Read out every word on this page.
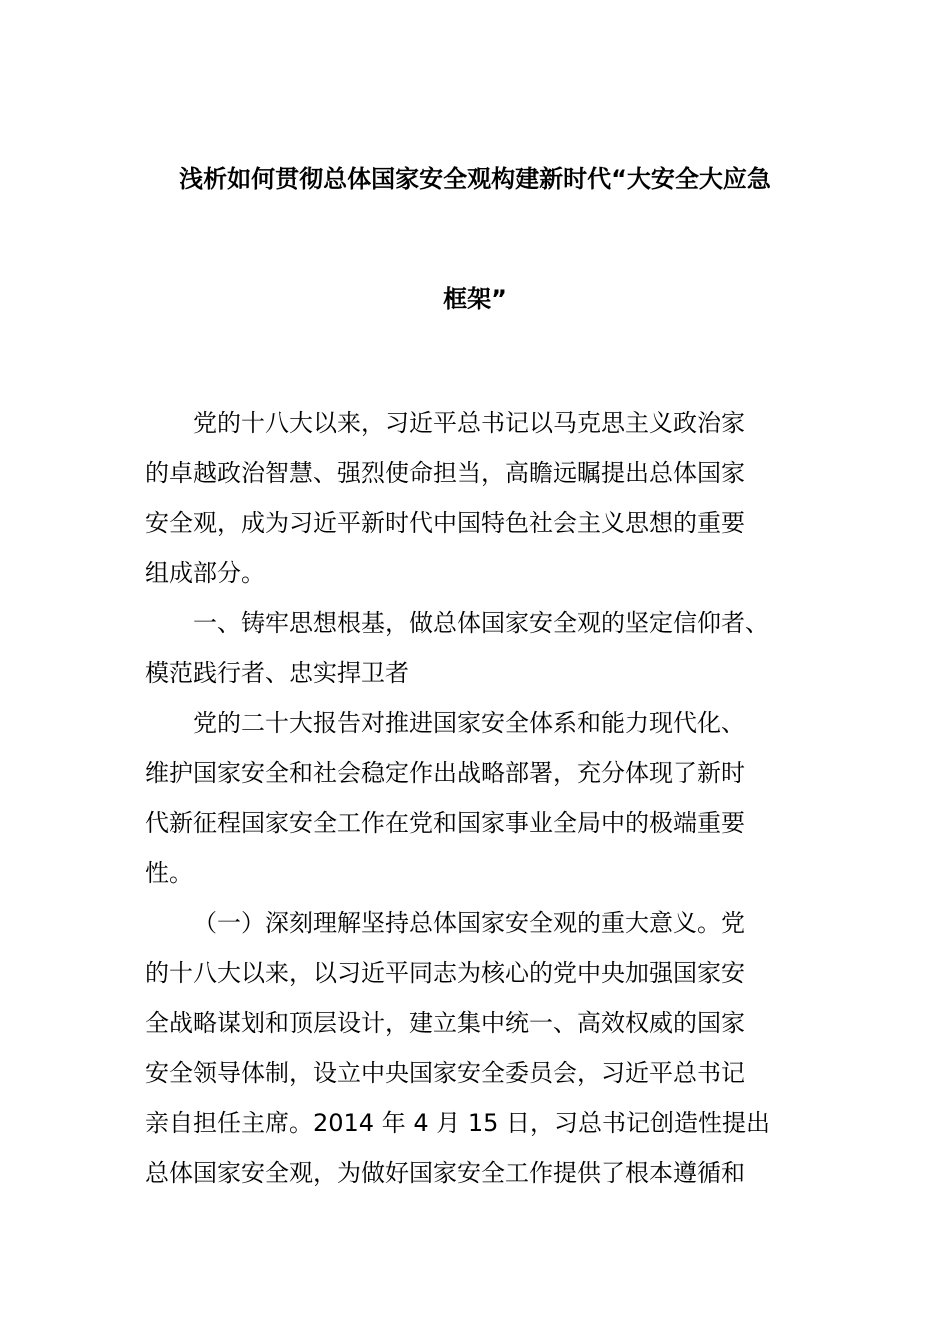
浅析如何贯彻总体国家安全观构建新时代“大安全大应急
框架”
党的十八大以来，习近平总书记以马克思主义政治家
的卓越政治智慧、强烈使命担当，高瞻远瞩提出总体国家
安全观，成为习近平新时代中国特色社会主义思想的重要
组成部分。
一、铸牢思想根基，做总体国家安全观的坚定信仰者、
模范践行者、忠实捍卫者
党的二十大报告对推进国家安全体系和能力现代化、
维护国家安全和社会稳定作出战略部署，充分体现了新时
代新征程国家安全工作在党和国家事业全局中的极端重要
性。
（一）深刻理解坚持总体国家安全观的重大意义。党
的十八大以来，以习近平同志为核心的党中央加强国家安
全战略谋划和顶层设计，建立集中统一、高效权威的国家
安全领导体制，设立中央国家安全委员会，习近平总书记
亲自担任主席。2014 年 4 月 15 日，习总书记创造性提出
总体国家安全观，为做好国家安全工作提供了根本遵循和
